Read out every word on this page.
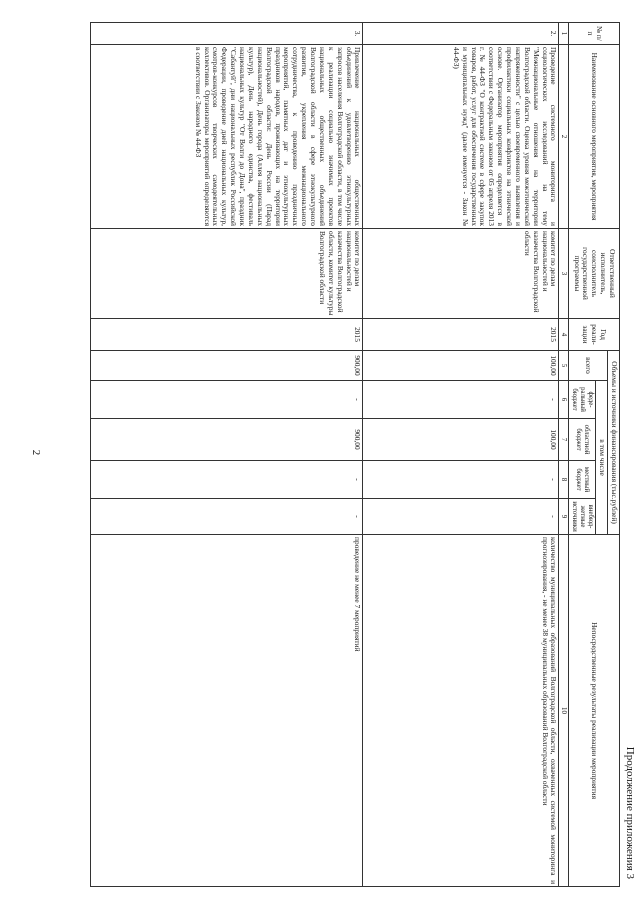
Продолжение приложения 3
№ п/п	Наименование основного мероприятия, мероприятия	Ответственный исполнитель, соисполнитель государственной программы	Год реали-зации	Объемы и источники финансирования (тыс.рублей)					Непосредственные результаты реализации мероприятия
				всего	в том числе				
					феде-ральный бюджет	областной бюджет	местный бюджет	внебюд-жетные источники	
1	2	3	4	5	6	7	8	9	10
2.	Проведение системного мониторинга и социологических исследований на тему "Межнациональные отношения на территории Волгоградской области. Оценка уровня межэтнической напряженности" с целью своевременного выявления и профилактики социальных конфликтов на этнической основе. Организатор мероприятия определяется в соответствии с Федеральным законом от 05 апреля 2013 г. № 44-ФЗ "О контрактной системе в сфере закупок товаров, работ, услуг для обеспечения государственных и муниципальных нужд" (далее именуется - Закон № 44-ФЗ)	комитет по делам национальностей и казачества Волгоградской области	2015	100,00	-	100,00	-	-	количество муниципальных образований Волгоградской области, охваченных системой мониторинга и прогнозирования, - не менее 38 муниципальных образований Волгоградской области
3.	Привлечение национальных общественных объединений к удовлетворению этнокультурных запросов населения Волгоградской области, в том числе к реализации социально значимых проектов национальных общественных объединений Волгоградской области в сфере этнокультурного развития, укрепления межнационального сотрудничества, к проведению праздничных мероприятий, памятных дат и этнокультурных праздников народов, проживающих на территории Волгоградской области: День России (Парад национальностей), День города (Аллея национальных культур), День народного единства, фестиваль национальных культур "От Волги до Дона", праздник "Сабантуй", дни национальных республик Российской Федерации, проведение дней национальных культур, смотров-конкурсов творческих самодеятельных коллективов. Организаторы мероприятий определяются в соответствии с Законом № 44-ФЗ	комитет по делам национальностей и казачества Волгоградской области, комитет культуры Волгоградской области	2015	900,00	-	900,00	-	-	проведение не менее 7 мероприятий
2
